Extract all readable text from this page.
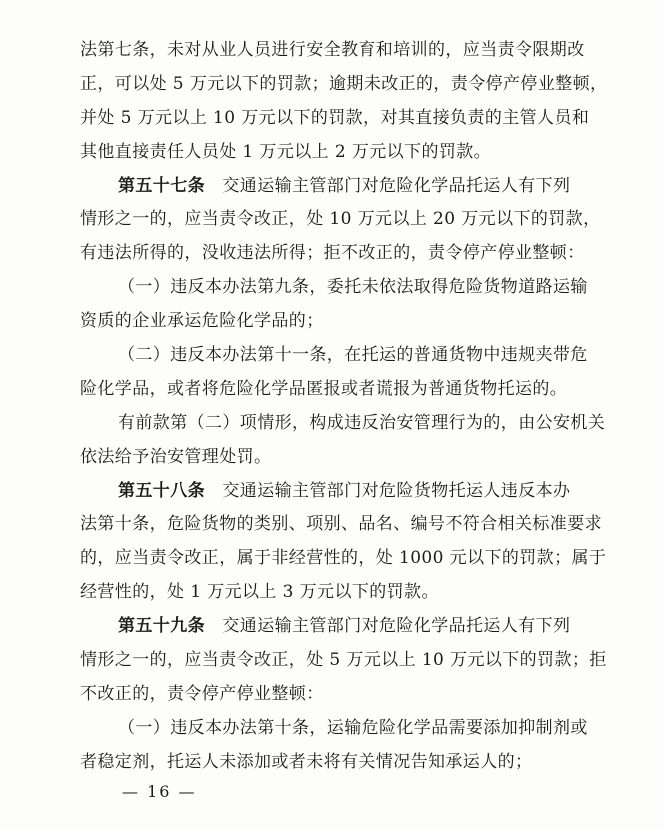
法第七条，未对从业人员进行安全教育和培训的，应当责令限期改
正，可以处 5 万元以下的罚款；逾期未改正的，责令停产停业整顿，
并处 5 万元以上 10 万元以下的罚款，对其直接负责的主管人员和
其他直接责任人员处 1 万元以上 2 万元以下的罚款。
第五十七条　 交通运输主管部门对危险化学品托运人有下列
情形之一的，应当责令改正，处 10 万元以上 20 万元以下的罚款，
有违法所得的，没收违法所得；拒不改正的，责令停产停业整顿：
（一）违反本办法第九条，委托未依法取得危险货物道路运输
资质的企业承运危险化学品的；
（二）违反本办法第十一条，在托运的普通货物中违规夹带危
险化学品，或者将危险化学品匿报或者谎报为普通货物托运的。
有前款第（二）项情形，构成违反治安管理行为的，由公安机关
依法给予治安管理处罚。
第五十八条　 交通运输主管部门对危险货物托运人违反本办
法第十条，危险货物的类别、项别、品名、编号不符合相关标准要求
的，应当责令改正，属于非经营性的，处 1000 元以下的罚款；属于
经营性的，处 1 万元以上 3 万元以下的罚款。
第五十九条　 交通运输主管部门对危险化学品托运人有下列
情形之一的，应当责令改正，处 5 万元以上 10 万元以下的罚款；拒
不改正的，责令停产停业整顿：
（一）违反本办法第十条，运输危险化学品需要添加抑制剂或
者稳定剂，托运人未添加或者未将有关情况告知承运人的；
— 16 —
